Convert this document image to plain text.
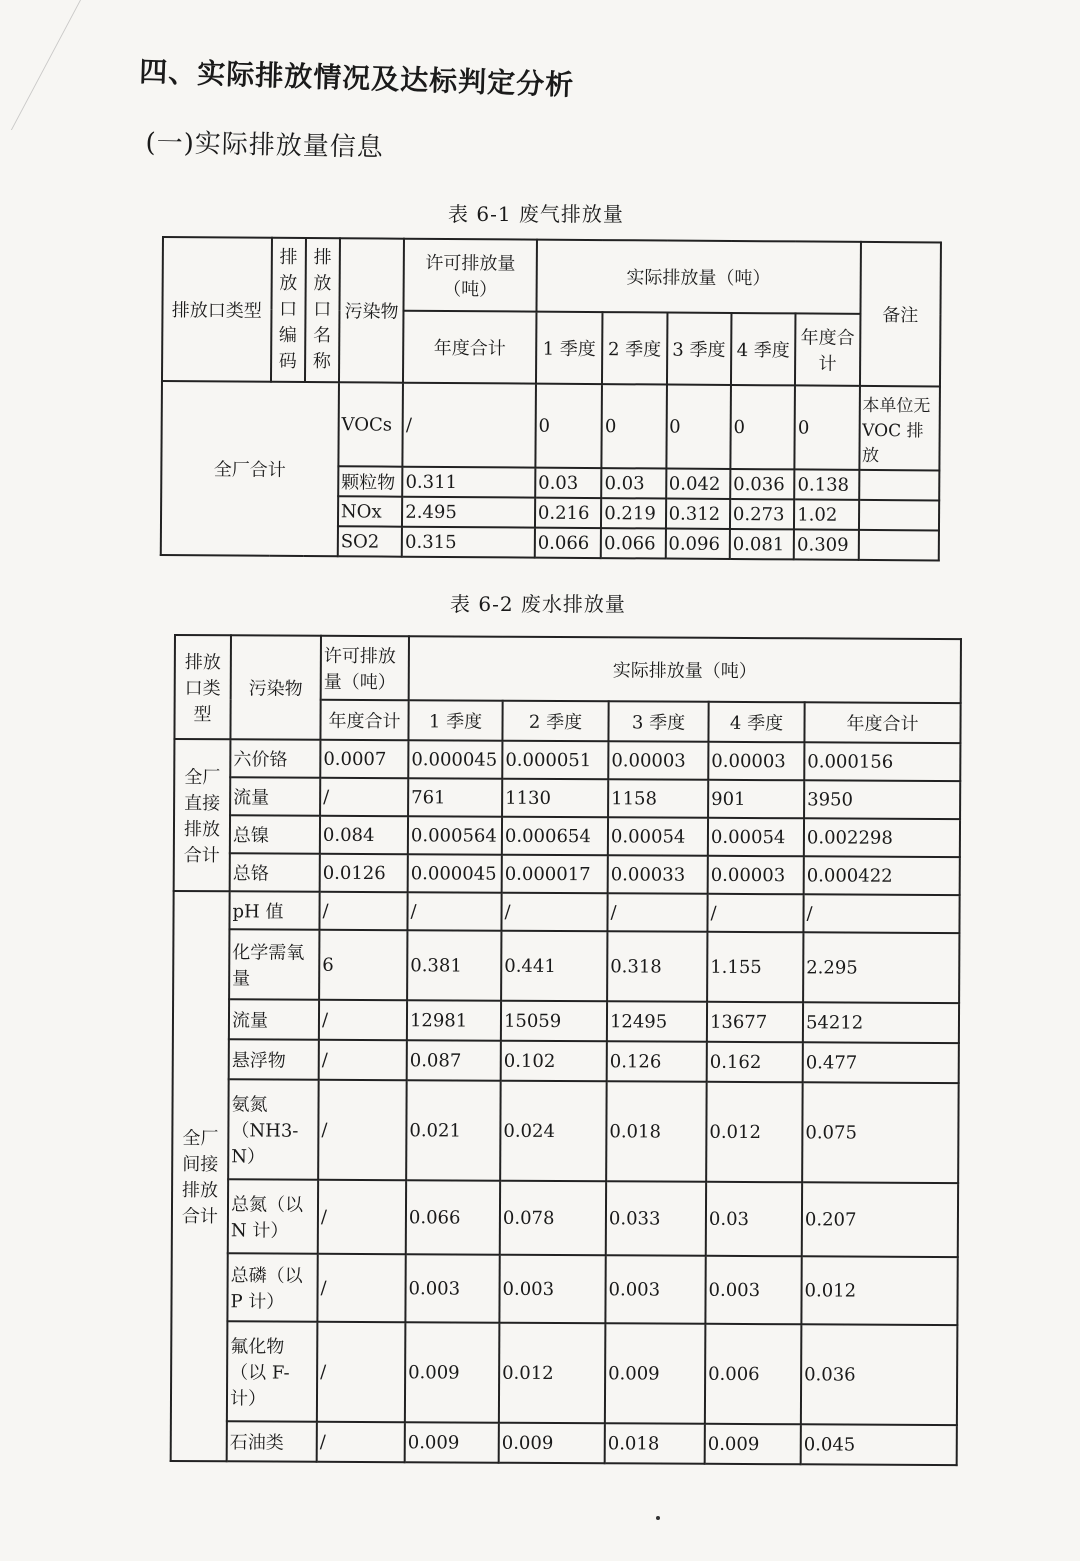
四、实际排放情况及达标判定分析
(一)实际排放量信息
表 6-1 废气排放量
排放口类型	排放口编码	排放口名称	污染物	许可排放量（吨）	实际排放量（吨）					备注
				年度合计	1 季度	2 季度	3 季度	4 季度	年度合计	
全厂合计			VOCs	/	0	0	0	0	0	本单位无 VOC 排放
			颗粒物	0.311	0.03	0.03	0.042	0.036	0.138	
			NOx	2.495	0.216	0.219	0.312	0.273	1.02	
			SO2	0.315	0.066	0.066	0.096	0.081	0.309	
表 6-2 废水排放量
排放口类型	污染物	许可排放量（吨）	实际排放量（吨）				
		年度合计	1 季度	2 季度	3 季度	4 季度	年度合计
全厂直接排放合计	六价铬	0.0007	0.000045	0.000051	0.00003	0.00003	0.000156
	流量	/	761	1130	1158	901	3950
	总镍	0.084	0.000564	0.000654	0.00054	0.00054	0.002298
	总铬	0.0126	0.000045	0.000017	0.00033	0.00003	0.000422
全厂间接排放合计	pH 值	/	/	/	/	/	/
	化学需氧量	6	0.381	0.441	0.318	1.155	2.295
	流量	/	12981	15059	12495	13677	54212
	悬浮物	/	0.087	0.102	0.126	0.162	0.477
	氨氮（NH3-N）	/	0.021	0.024	0.018	0.012	0.075
	总氮（以 N 计）	/	0.066	0.078	0.033	0.03	0.207
	总磷（以 P 计）	/	0.003	0.003	0.003	0.003	0.012
	氟化物（以 F-计）	/	0.009	0.012	0.009	0.006	0.036
	石油类	/	0.009	0.009	0.018	0.009	0.045
